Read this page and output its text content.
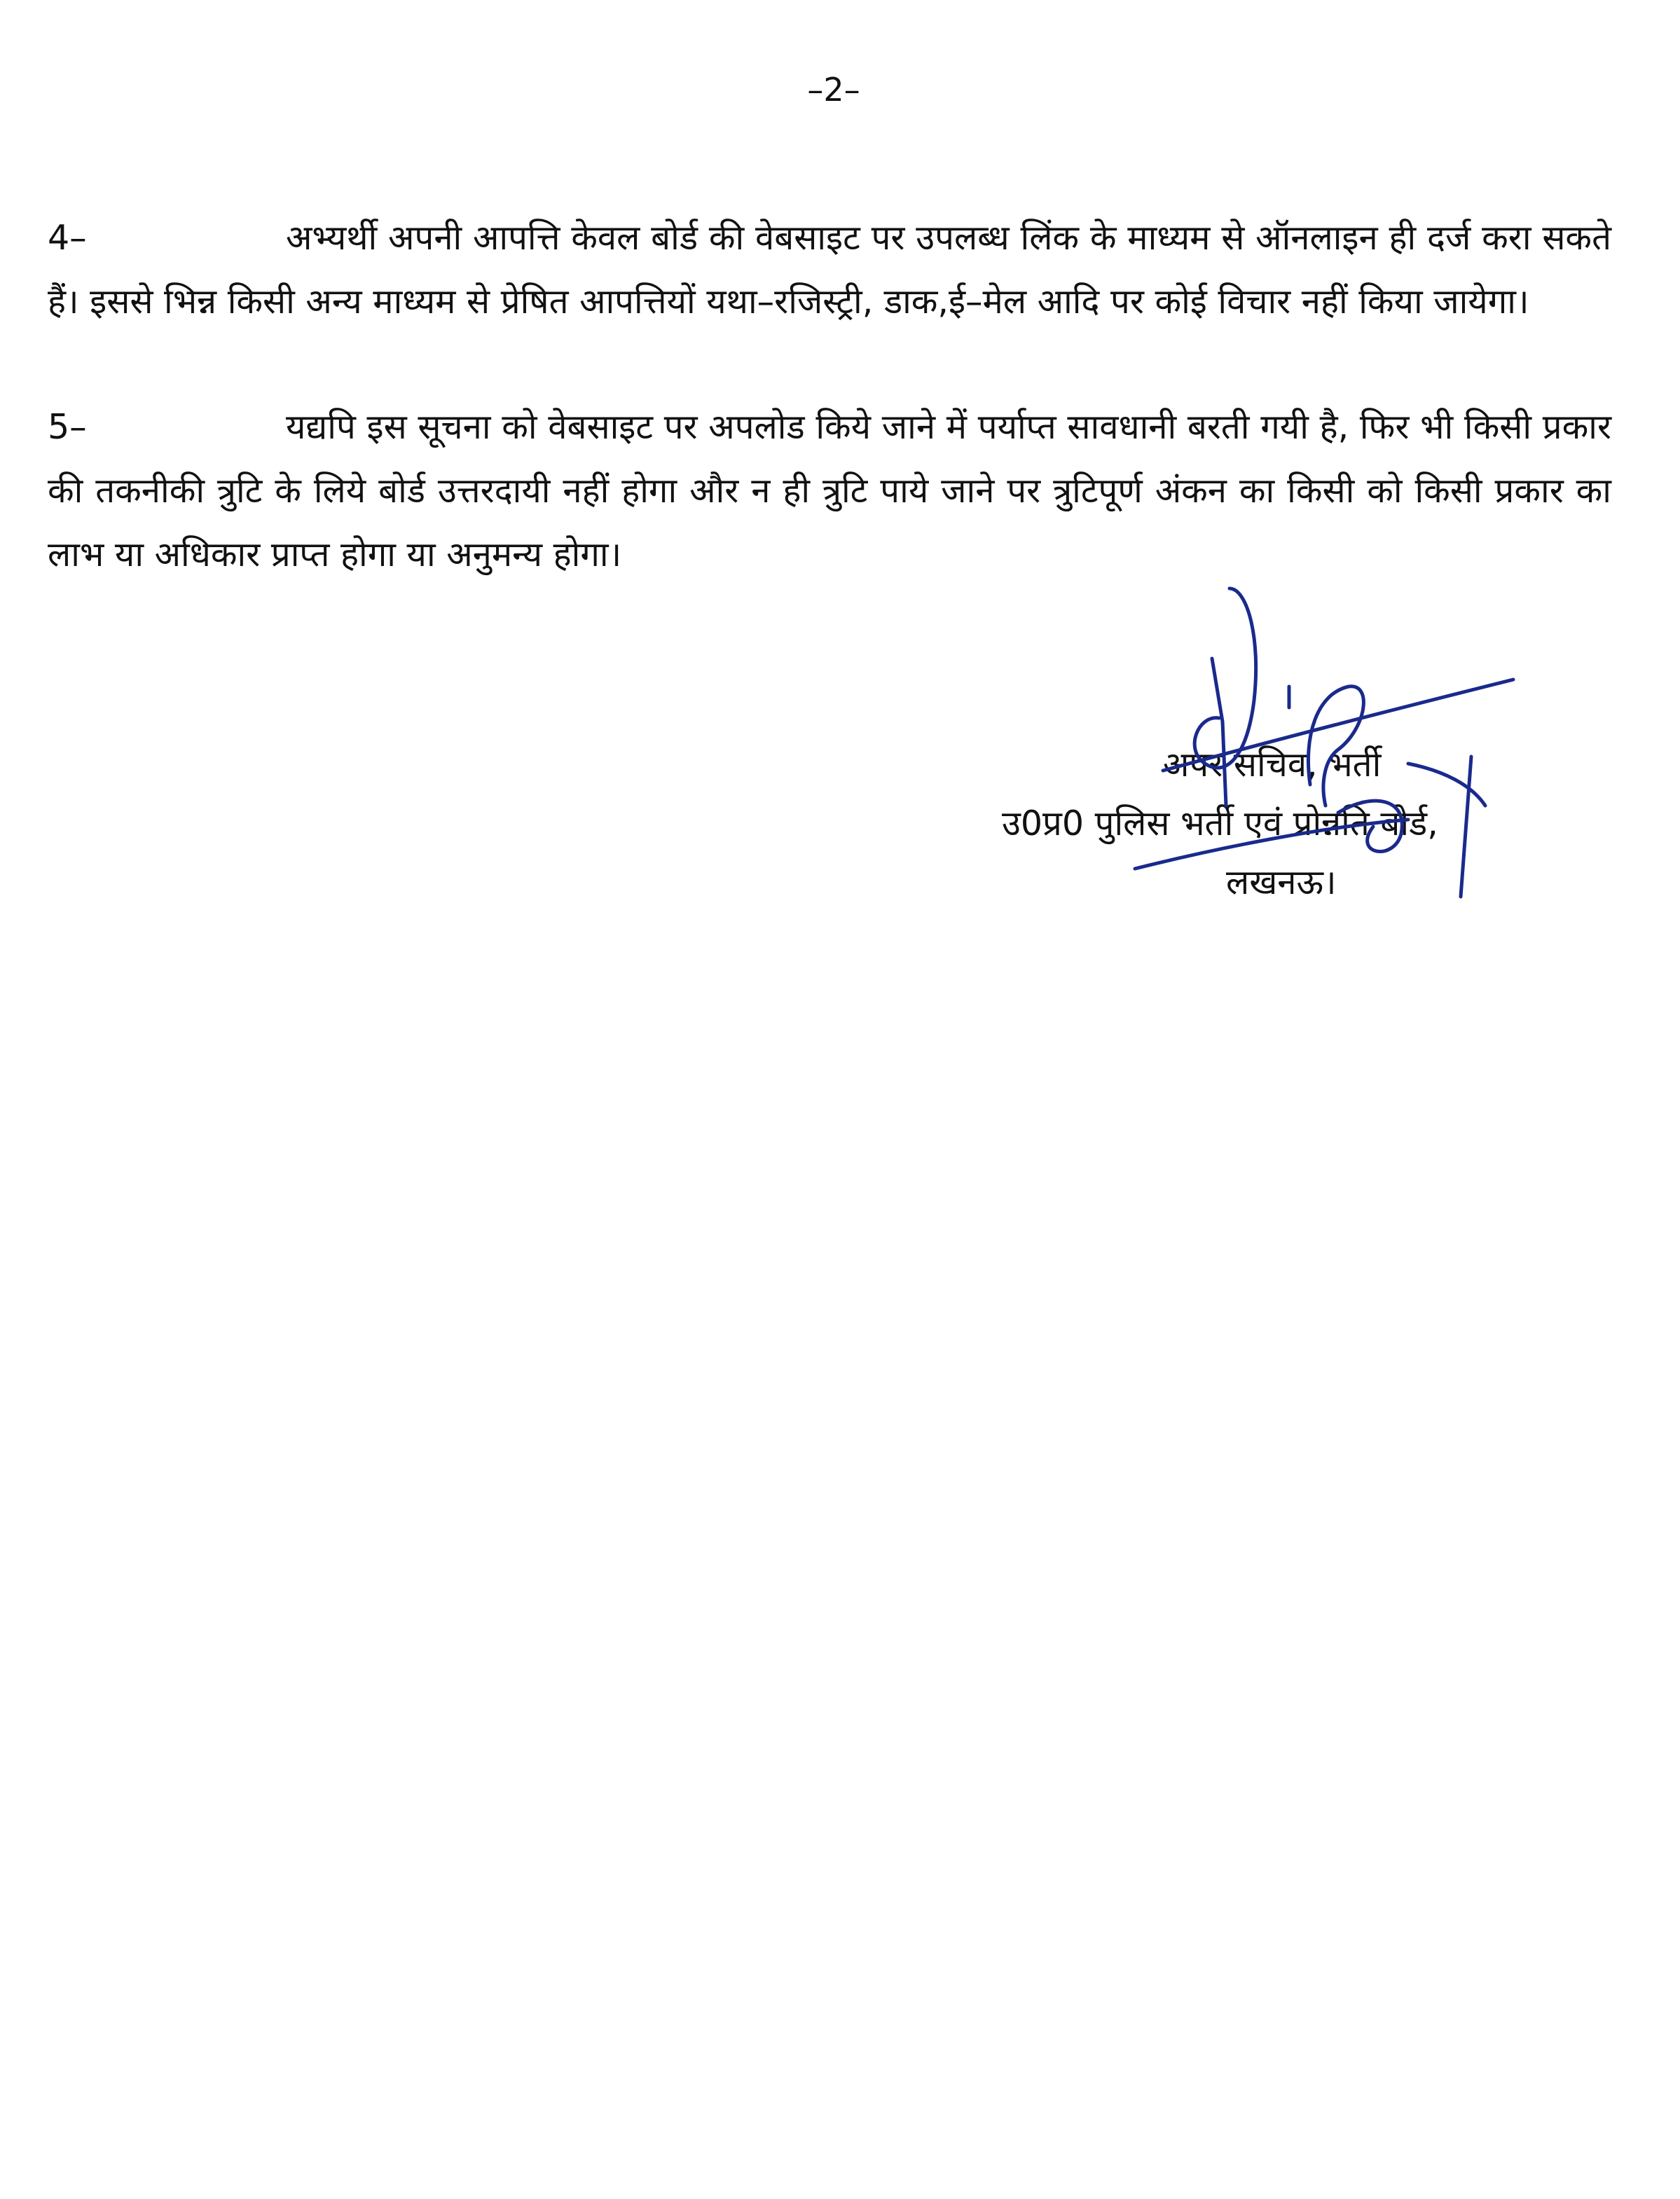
–2–
4–	अभ्यर्थी अपनी आपत्ति केवल बोर्ड की वेबसाइट पर उपलब्ध लिंक के माध्यम से ऑनलाइन ही दर्ज करा सकते हैं। इससे भिन्न किसी अन्य माध्यम से प्रेषित आपत्तियों यथा–रजिस्ट्री, डाक,ई–मेल आदि पर कोई विचार नहीं किया जायेगा।
5–	यद्यपि इस सूचना को वेबसाइट पर अपलोड किये जाने में पर्याप्त सावधानी बरती गयी है, फिर भी किसी प्रकार की तकनीकी त्रुटि के लिये बोर्ड उत्तरदायी नहीं होगा और न ही त्रुटि पाये जाने पर त्रुटिपूर्ण अंकन का किसी को किसी प्रकार का लाभ या अधिकार प्राप्त होगा या अनुमन्य होगा।
अपर सचिव, भर्ती
उ0प्र0 पुलिस भर्ती एवं प्रोन्नति बोर्ड,
लखनऊ।
